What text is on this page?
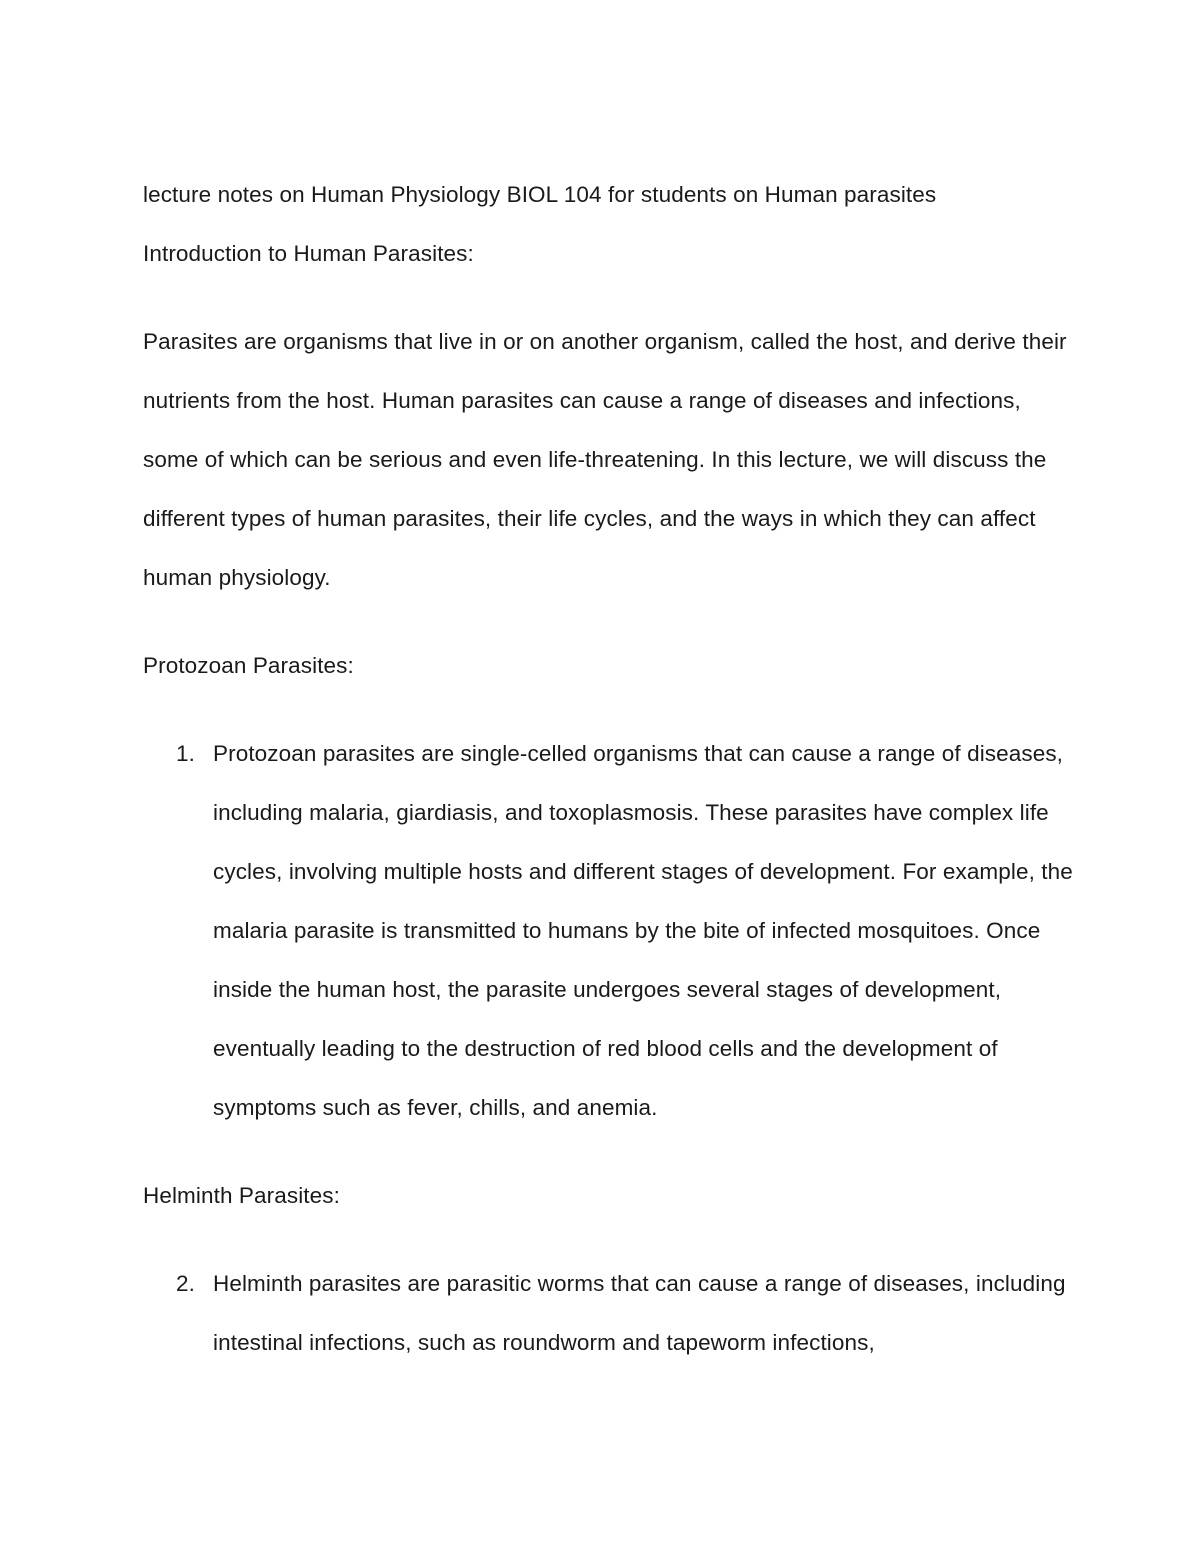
lecture notes on Human Physiology BIOL 104 for students on Human parasites

Introduction to Human Parasites:

Parasites are organisms that live in or on another organism, called the host, and derive their nutrients from the host. Human parasites can cause a range of diseases and infections, some of which can be serious and even life-threatening. In this lecture, we will discuss the different types of human parasites, their life cycles, and the ways in which they can affect human physiology.

Protozoan Parasites:

1. Protozoan parasites are single-celled organisms that can cause a range of diseases, including malaria, giardiasis, and toxoplasmosis. These parasites have complex life cycles, involving multiple hosts and different stages of development. For example, the malaria parasite is transmitted to humans by the bite of infected mosquitoes. Once inside the human host, the parasite undergoes several stages of development, eventually leading to the destruction of red blood cells and the development of symptoms such as fever, chills, and anemia.

Helminth Parasites:

2. Helminth parasites are parasitic worms that can cause a range of diseases, including intestinal infections, such as roundworm and tapeworm infections,
